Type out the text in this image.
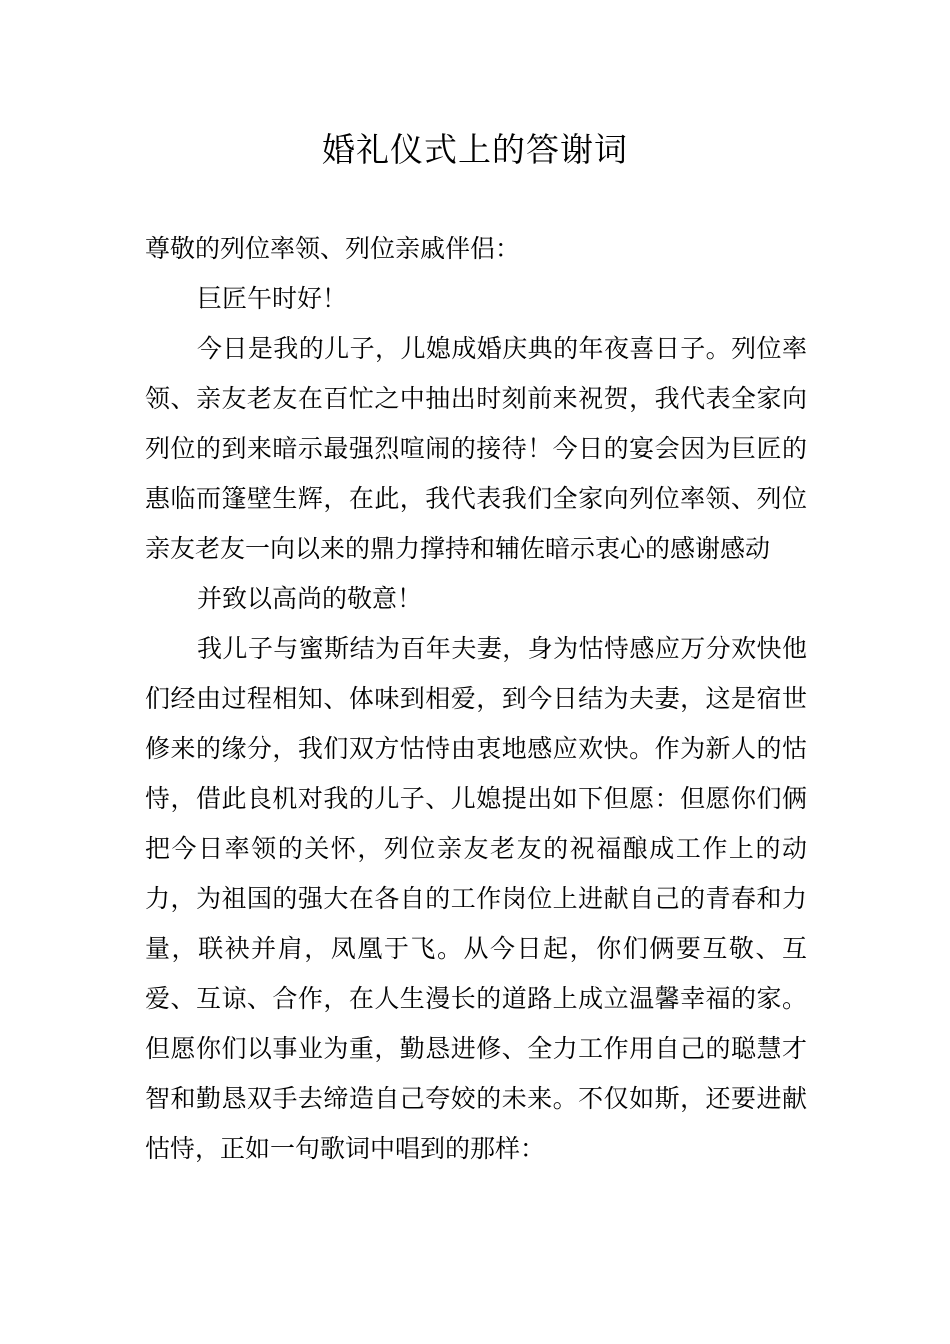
婚礼仪式上的答谢词

尊敬的列位率领、列位亲戚伴侣：

巨匠午时好！

今日是我的儿子，儿媳成婚庆典的年夜喜日子。列位率领、亲友老友在百忙之中抽出时刻前来祝贺，我代表全家向列位的到来暗示最强烈喧闹的接待！今日的宴会因为巨匠的惠临而篷壁生辉，在此，我代表我们全家向列位率领、列位亲友老友一向以来的鼎力撑持和辅佐暗示衷心的感谢感动

并致以高尚的敬意！

我儿子与蜜斯结为百年夫妻，身为怙恃感应万分欢快他们经由过程相知、体味到相爱，到今日结为夫妻，这是宿世修来的缘分，我们双方怙恃由衷地感应欢快。作为新人的怙恃，借此良机对我的儿子、儿媳提出如下但愿：但愿你们俩把今日率领的关怀，列位亲友老友的祝福酿成工作上的动力，为祖国的强大在各自的工作岗位上进献自己的青春和力量，联袂并肩，凤凰于飞。从今日起，你们俩要互敬、互爱、互谅、合作，在人生漫长的道路上成立温馨幸福的家。但愿你们以事业为重，勤恳进修、全力工作用自己的聪慧才智和勤恳双手去缔造自己夸姣的未来。不仅如斯，还要进献怙恃，正如一句歌词中唱到的那样：
